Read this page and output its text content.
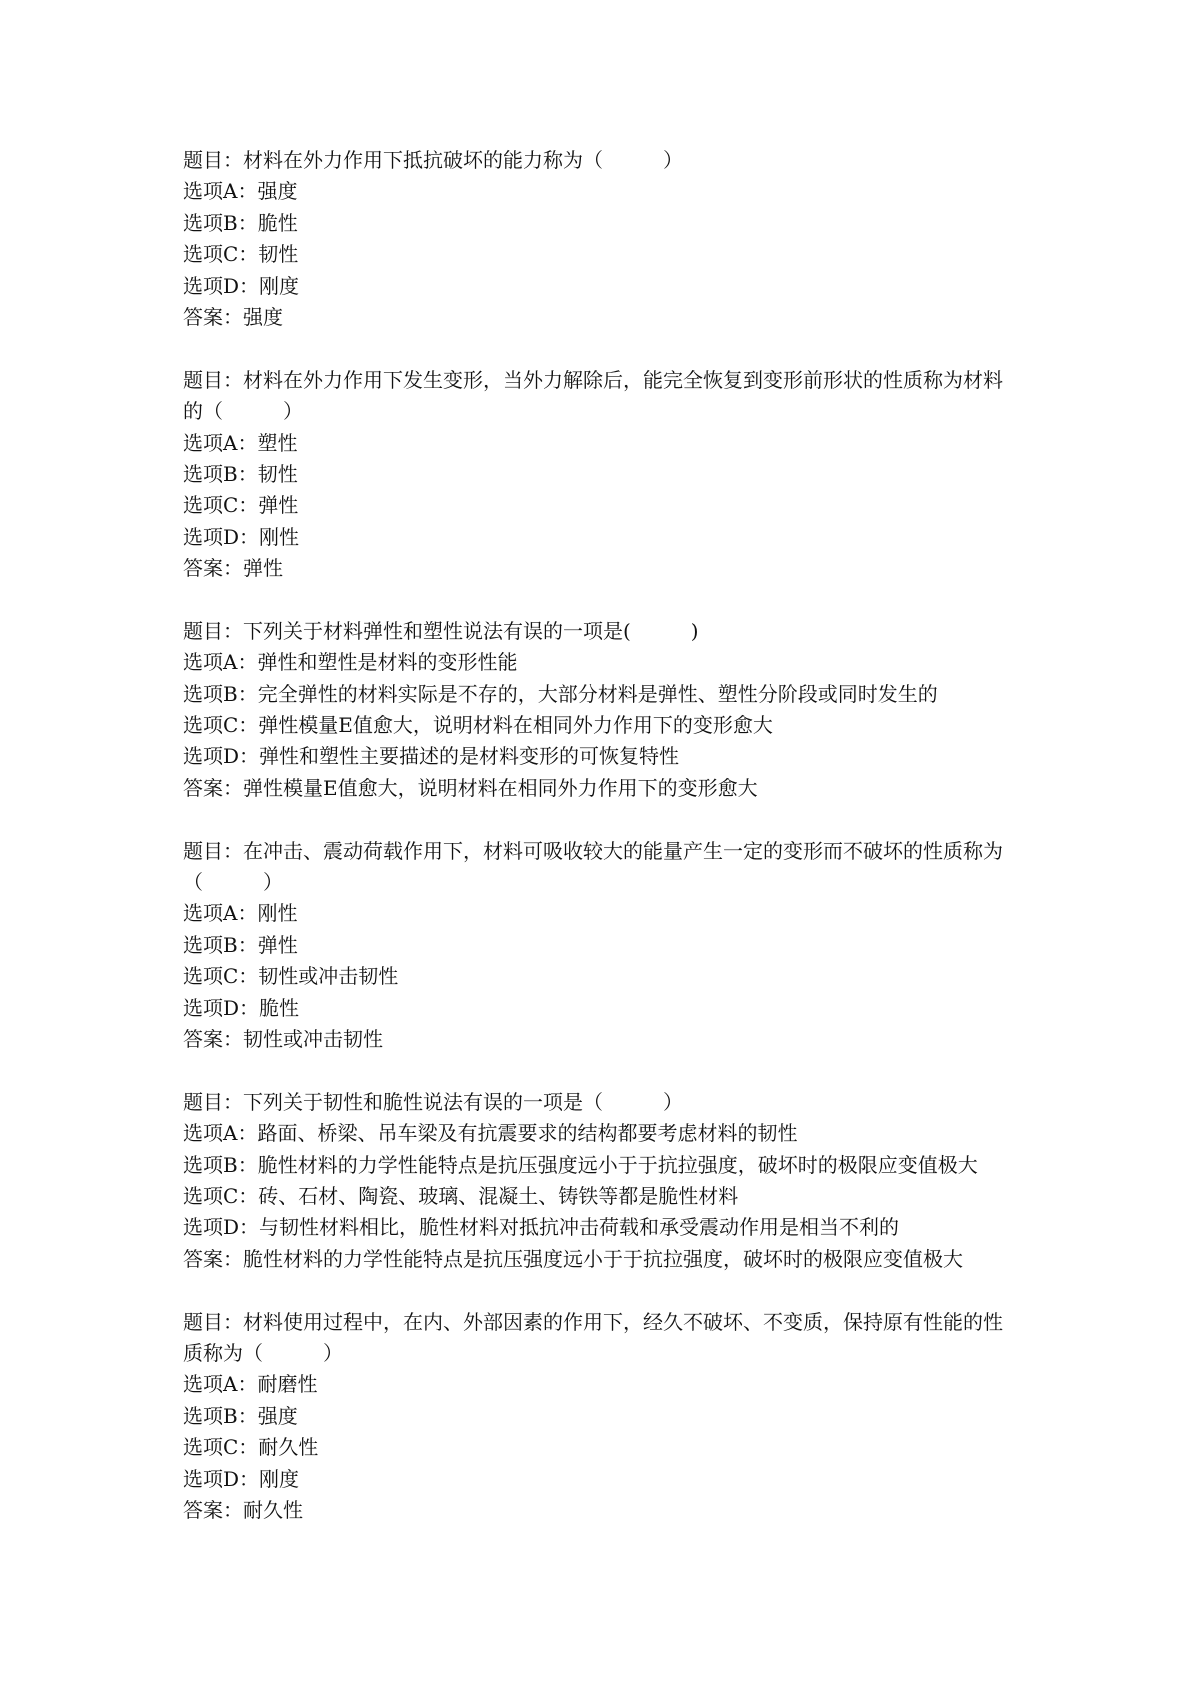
题目：材料在外力作用下抵抗破坏的能力称为（　　　）
选项A：强度
选项B：脆性
选项C：韧性
选项D：刚度
答案：强度
题目：材料在外力作用下发生变形，当外力解除后，能完全恢复到变形前形状的性质称为材料的（　　　）
选项A：塑性
选项B：韧性
选项C：弹性
选项D：刚性
答案：弹性
题目：下列关于材料弹性和塑性说法有误的一项是(　　　)
选项A：弹性和塑性是材料的变形性能
选项B：完全弹性的材料实际是不存的，大部分材料是弹性、塑性分阶段或同时发生的
选项C：弹性模量E值愈大，说明材料在相同外力作用下的变形愈大
选项D：弹性和塑性主要描述的是材料变形的可恢复特性
答案：弹性模量E值愈大，说明材料在相同外力作用下的变形愈大
题目：在冲击、震动荷载作用下，材料可吸收较大的能量产生一定的变形而不破坏的性质称为（　　　）
选项A：刚性
选项B：弹性
选项C：韧性或冲击韧性
选项D：脆性
答案：韧性或冲击韧性
题目：下列关于韧性和脆性说法有误的一项是（　　　）
选项A：路面、桥梁、吊车梁及有抗震要求的结构都要考虑材料的韧性
选项B：脆性材料的力学性能特点是抗压强度远小于于抗拉强度，破坏时的极限应变值极大
选项C：砖、石材、陶瓷、玻璃、混凝土、铸铁等都是脆性材料
选项D：与韧性材料相比，脆性材料对抵抗冲击荷载和承受震动作用是相当不利的
答案：脆性材料的力学性能特点是抗压强度远小于于抗拉强度，破坏时的极限应变值极大
题目：材料使用过程中，在内、外部因素的作用下，经久不破坏、不变质，保持原有性能的性质称为（　　　）
选项A：耐磨性
选项B：强度
选项C：耐久性
选项D：刚度
答案：耐久性
